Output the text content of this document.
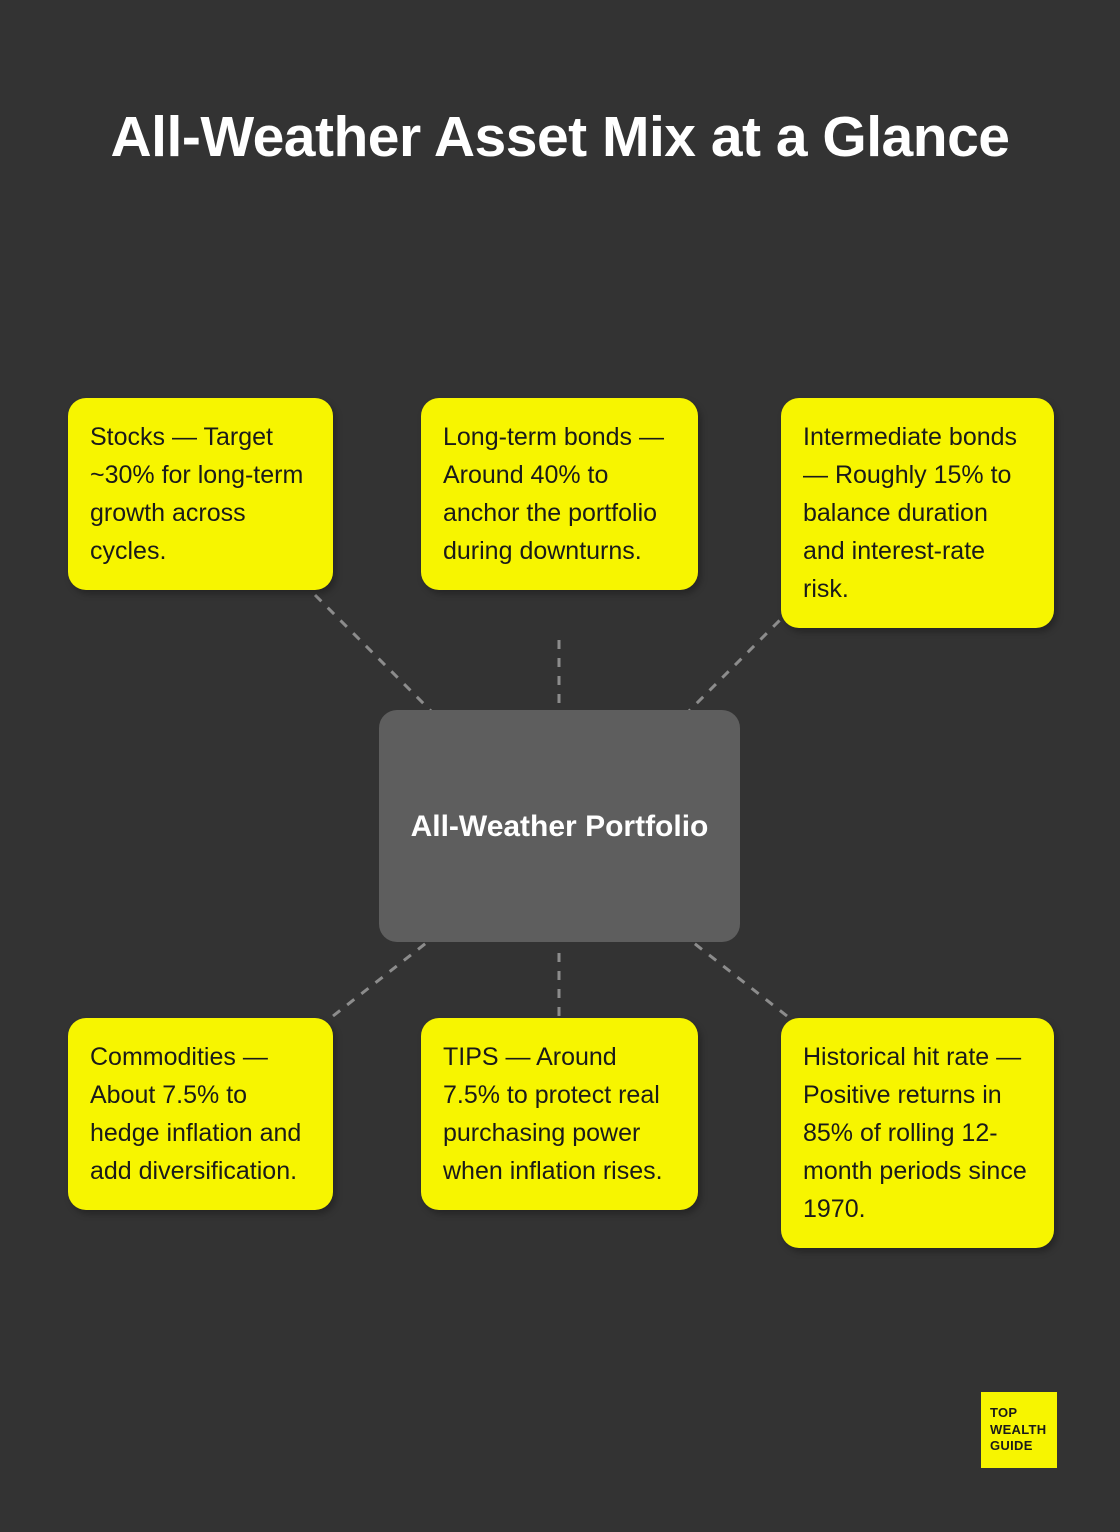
All-Weather Asset Mix at a Glance
Stocks — Target ~30% for long-term growth across cycles.
Long-term bonds — Around 40% to anchor the portfolio during downturns.
Intermediate bonds — Roughly 15% to balance duration and interest-rate risk.
All-Weather Portfolio
Commodities — About 7.5% to hedge inflation and add diversification.
TIPS — Around 7.5% to protect real purchasing power when inflation rises.
Historical hit rate — Positive returns in 85% of rolling 12-month periods since 1970.
TOP
WEALTH
GUIDE
